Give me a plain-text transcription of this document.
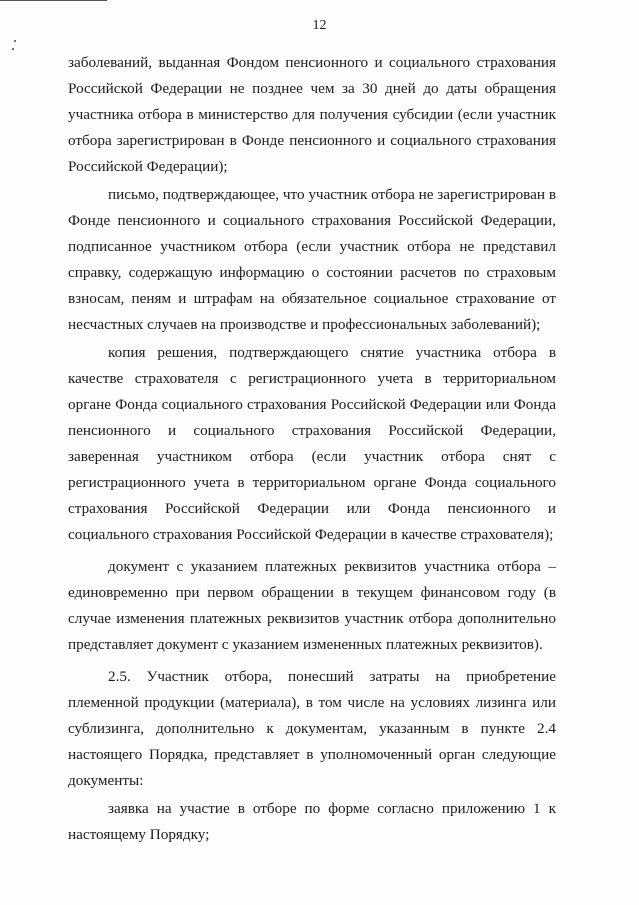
12

заболеваний, выданная Фондом пенсионного и социального страхования Российской Федерации не позднее чем за 30 дней до даты обращения участника отбора в министерство для получения субсидии (если участник отбора зарегистрирован в Фонде пенсионного и социального страхования Российской Федерации);

письмо, подтверждающее, что участник отбора не зарегистрирован в Фонде пенсионного и социального страхования Российской Федерации, подписанное участником отбора (если участник отбора не представил справку, содержащую информацию о состоянии расчетов по страховым взносам, пеням и штрафам на обязательное социальное страхование от несчастных случаев на производстве и профессиональных заболеваний);

копия решения, подтверждающего снятие участника отбора в качестве страхователя с регистрационного учета в территориальном органе Фонда социального страхования Российской Федерации или Фонда пенсионного и социального страхования Российской Федерации, заверенная участником отбора (если участник отбора снят с регистрационного учета в территориальном органе Фонда социального страхования Российской Федерации или Фонда пенсионного и социального страхования Российской Федерации в качестве страхователя);

документ с указанием платежных реквизитов участника отбора – единовременно при первом обращении в текущем финансовом году (в случае изменения платежных реквизитов участник отбора дополнительно представляет документ с указанием измененных платежных реквизитов).

2.5. Участник отбора, понесший затраты на приобретение племенной продукции (материала), в том числе на условиях лизинга или сублизинга, дополнительно к документам, указанным в пункте 2.4 настоящего Порядка, представляет в уполномоченный орган следующие документы:

заявка на участие в отборе по форме согласно приложению 1 к настоящему Порядку;
